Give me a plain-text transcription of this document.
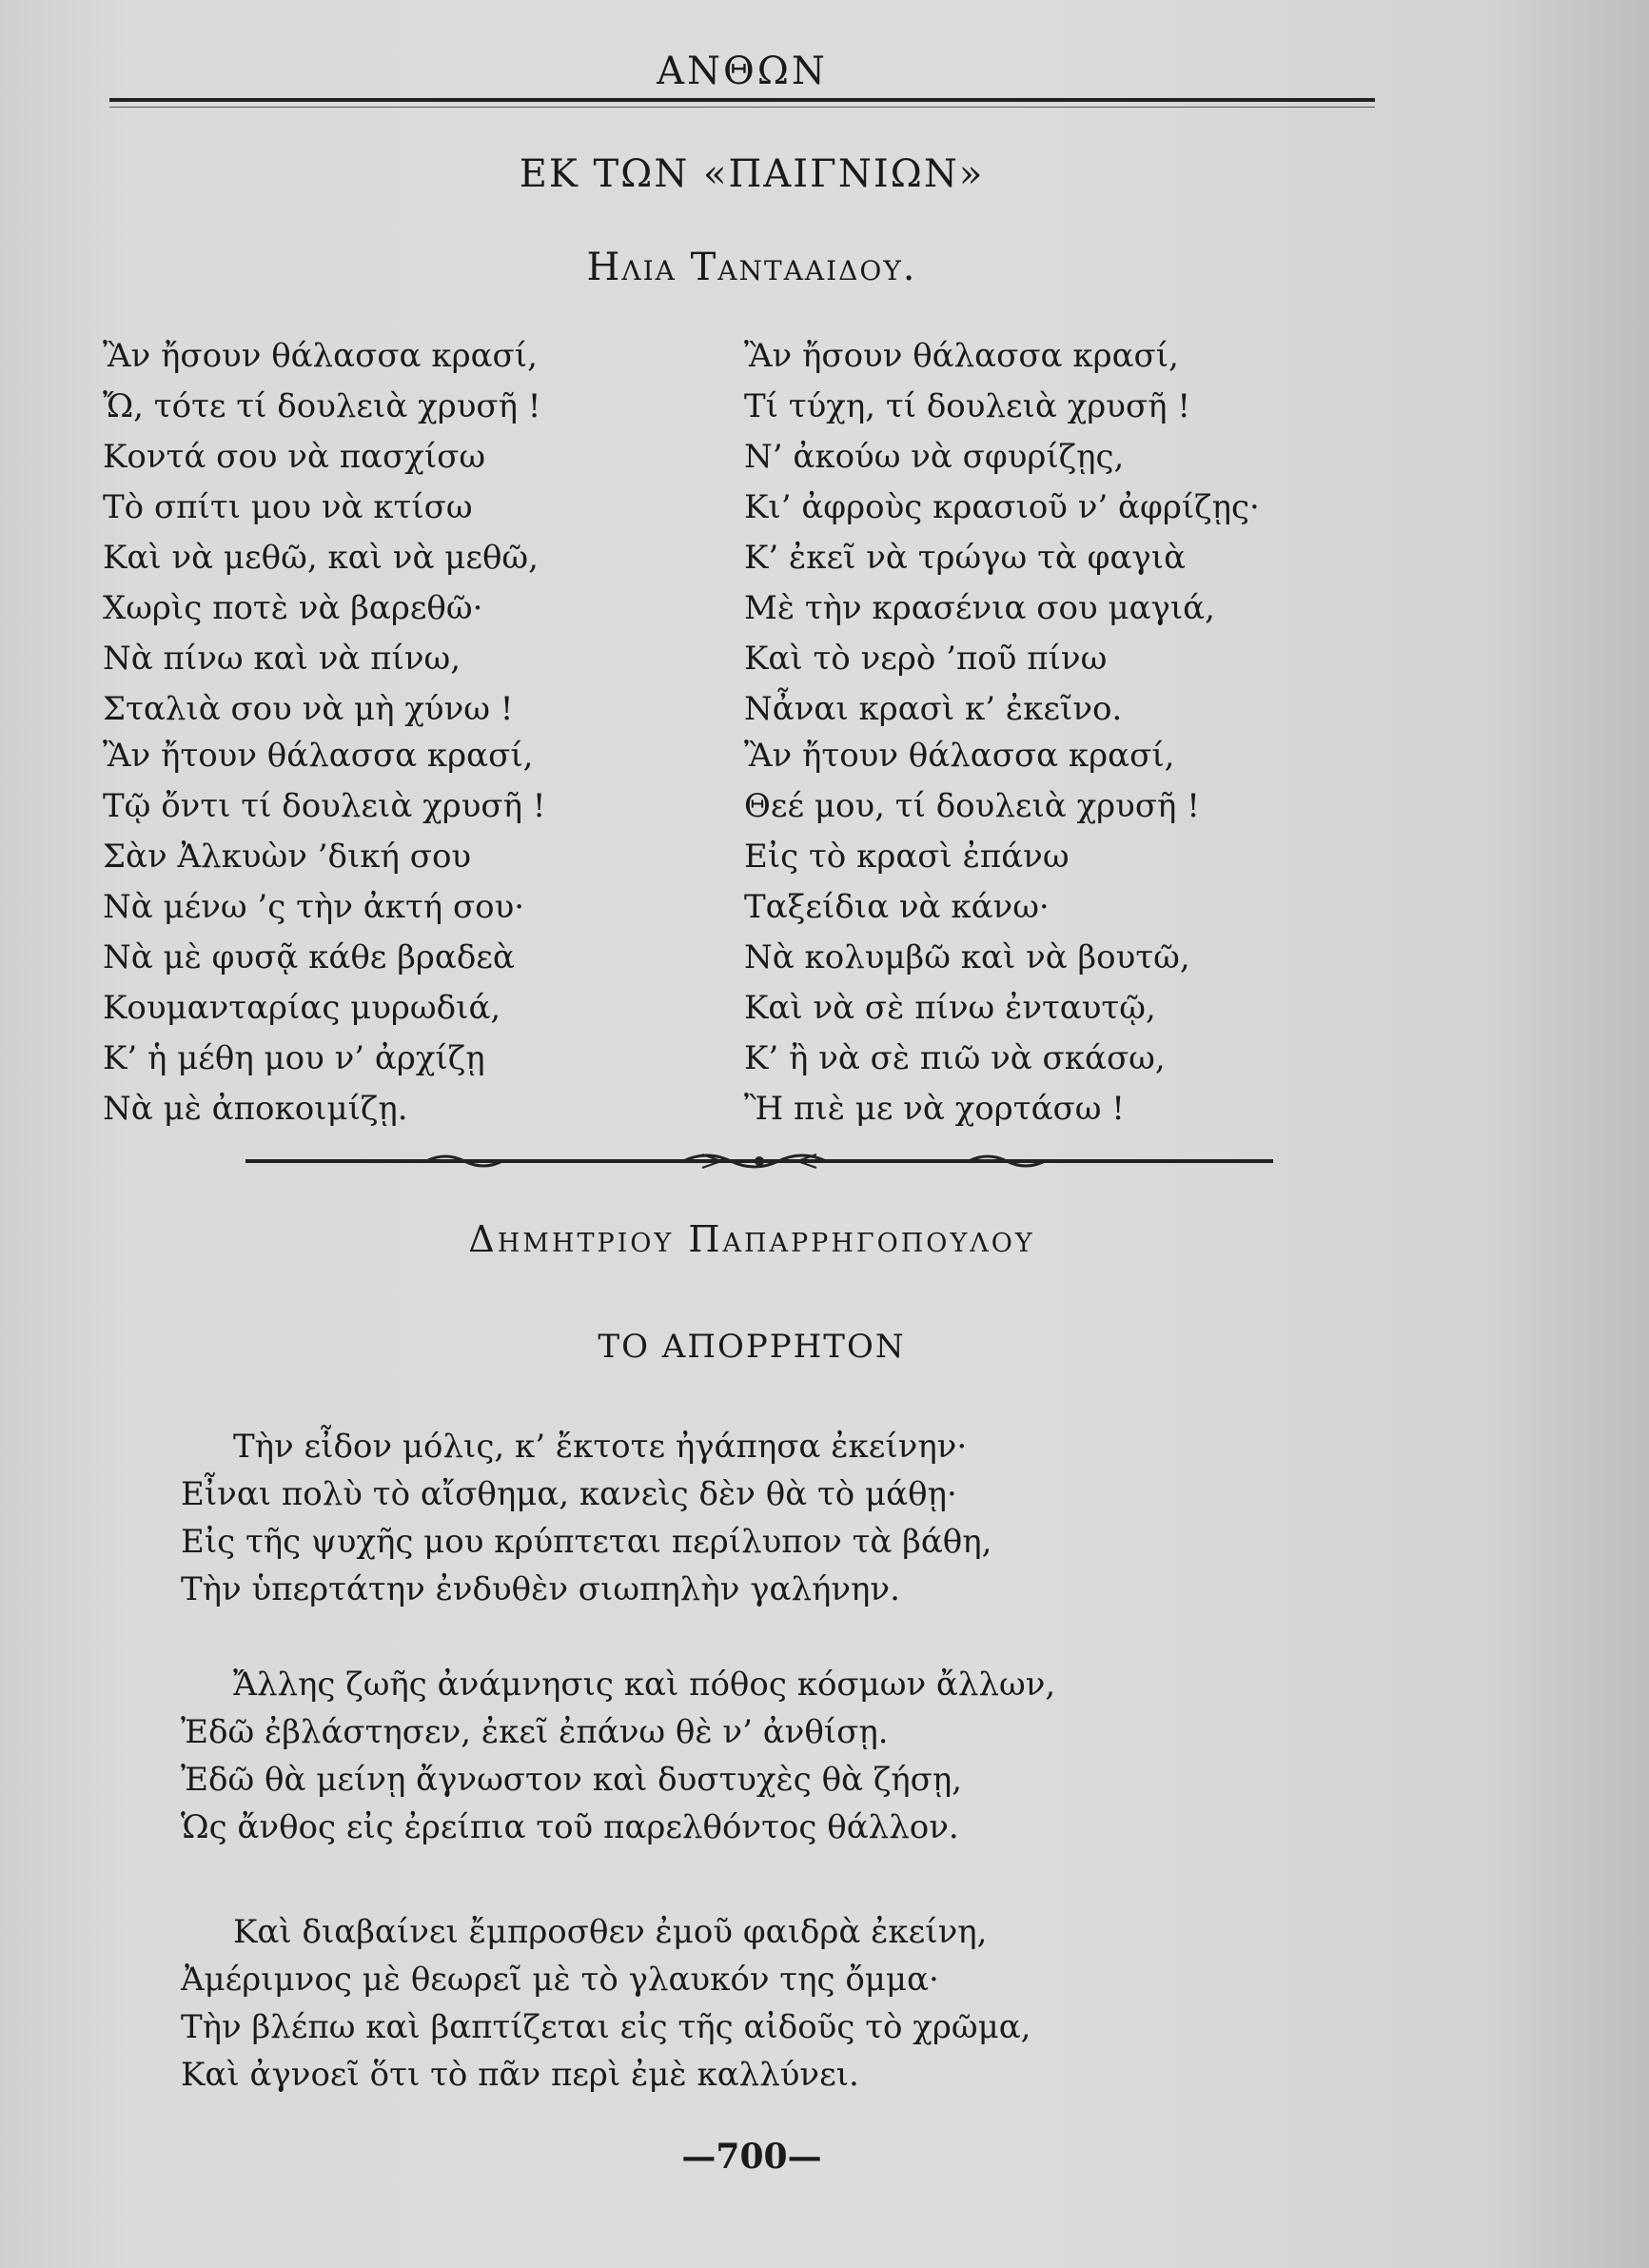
ΑΝΘΩΝ
ΕΚ ΤΩΝ «ΠΑΙΓΝΙΩΝ»
Ηλια Ταντααιδου.
Ἂν ἤσουν θάλασσα κρασί,
Ὤ, τότε τί δουλειὰ χρυσῆ !
Κοντά σου νὰ πασχίσω
Τὸ σπίτι μου νὰ κτίσω
Καὶ νὰ μεθῶ, καὶ νὰ μεθῶ,
Χωρὶς ποτὲ νὰ βαρεθῶ·
Νὰ πίνω καὶ νὰ πίνω,
Σταλιὰ σου νὰ μὴ χύνω !
Ἂν ἤτουν θάλασσα κρασί,
Τῷ ὄντι τί δουλειὰ χρυσῆ !
Σὰν Ἀλκυὼν ’δική σου
Νὰ μένω ’ς τὴν ἀκτή σου·
Νὰ μὲ φυσᾷ κάθε βραδεὰ
Κουμανταρίας μυρωδιά,
Κ’ ἡ μέθη μου ν’ ἀρχίζῃ
Νὰ μὲ ἀποκοιμίζῃ.
Ἂν ἤσουν θάλασσα κρασί,
Τί τύχη, τί δουλειὰ χρυσῆ !
Ν’ ἀκούω νὰ σφυρίζῃς,
Κι’ ἀφροὺς κρασιοῦ ν’ ἀφρίζῃς·
Κ’ ἐκεῖ νὰ τρώγω τὰ φαγιὰ
Μὲ τὴν κρασένια σου μαγιά,
Καὶ τὸ νερὸ ’ποῦ πίνω
Νἆναι κρασὶ κ’ ἐκεῖνο.
Ἂν ἤτουν θάλασσα κρασί,
Θεέ μου, τί δουλειὰ χρυσῆ !
Εἰς τὸ κρασὶ ἐπάνω
Ταξείδια νὰ κάνω·
Νὰ κολυμβῶ καὶ νὰ βουτῶ,
Καὶ νὰ σὲ πίνω ἐνταυτῷ,
Κ’ ἢ νὰ σὲ πιῶ νὰ σκάσω,
Ἢ πιὲ με νὰ χορτάσω !
Δημητριου Παπαρρηγοπουλου
ΤΟ ΑΠΟΡΡΗΤΟΝ
Τὴν εἶδον μόλις, κ’ ἔκτοτε ἠγάπησα ἐκείνην·
Εἶναι πολὺ τὸ αἴσθημα, κανεὶς δὲν θὰ τὸ μάθῃ·
Εἰς τῆς ψυχῆς μου κρύπτεται περίλυπον τὰ βάθη,
Τὴν ὑπερτάτην ἐνδυθὲν σιωπηλὴν γαλήνην.
Ἄλλης ζωῆς ἀνάμνησις καὶ πόθος κόσμων ἄλλων,
Ἐδῶ ἐβλάστησεν, ἐκεῖ ἐπάνω θὲ ν’ ἀνθίσῃ.
Ἐδῶ θὰ μείνῃ ἄγνωστον καὶ δυστυχὲς θὰ ζήσῃ,
Ὡς ἄνθος εἰς ἐρείπια τοῦ παρελθόντος θάλλον.
Καὶ διαβαίνει ἔμπροσθεν ἐμοῦ φαιδρὰ ἐκείνη,
Ἀμέριμνος μὲ θεωρεῖ μὲ τὸ γλαυκόν της ὄμμα·
Τὴν βλέπω καὶ βαπτίζεται εἰς τῆς αἰδοῦς τὸ χρῶμα,
Καὶ ἀγνοεῖ ὅτι τὸ πᾶν περὶ ἐμὲ καλλύνει.
—700—
